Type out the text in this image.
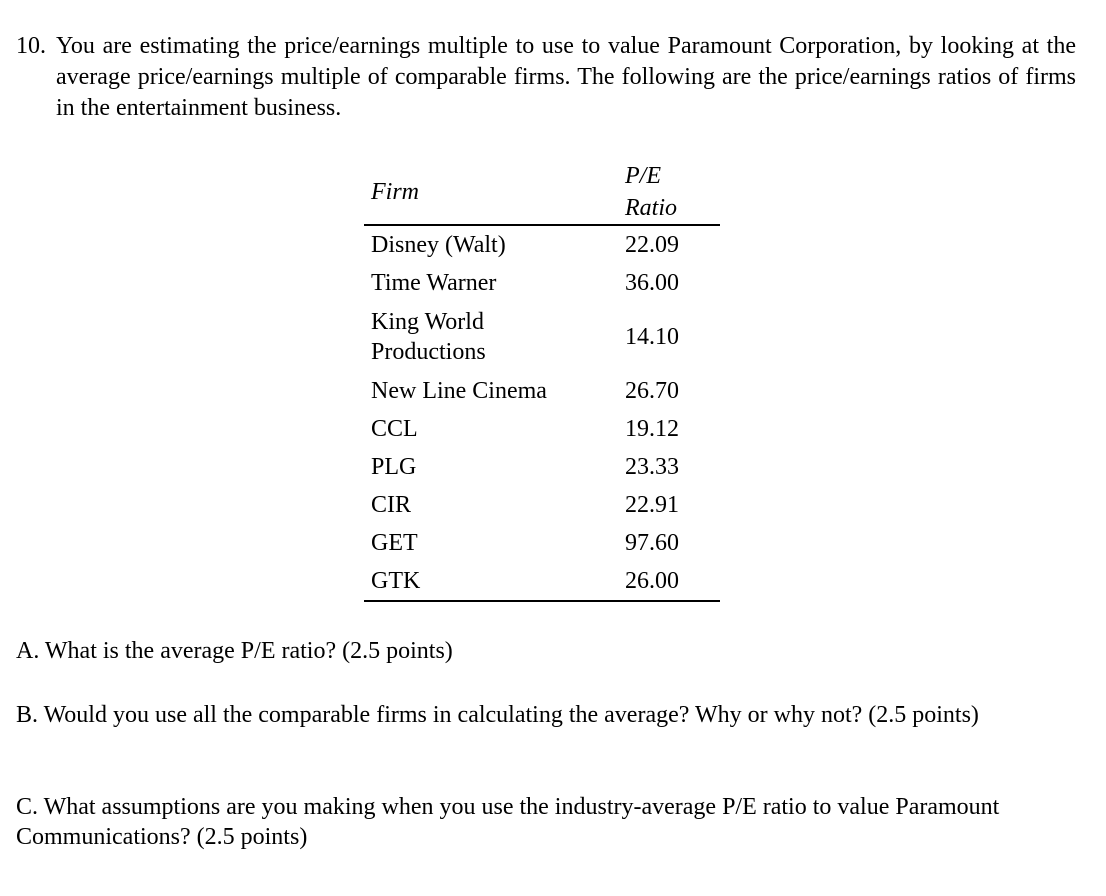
10. You are estimating the price/earnings multiple to use to value Paramount Corporation, by looking at the average price/earnings multiple of comparable firms. The following are the price/earnings ratios of firms in the entertainment business.
Firm	P/E
Ratio

Disney (Walt)	22.09
Time Warner	36.00

King World
Productions	14.10
New Line Cinema	26.70
CCL	19.12
PLG	23.33
CIR	22.91
GET	97.60
GTK	26.00
A. What is the average P/E ratio? (2.5 points)
B. Would you use all the comparable firms in calculating the average? Why or why not? (2.5 points)
C. What assumptions are you making when you use the industry-average P/E ratio to value Paramount Communications? (2.5 points)
